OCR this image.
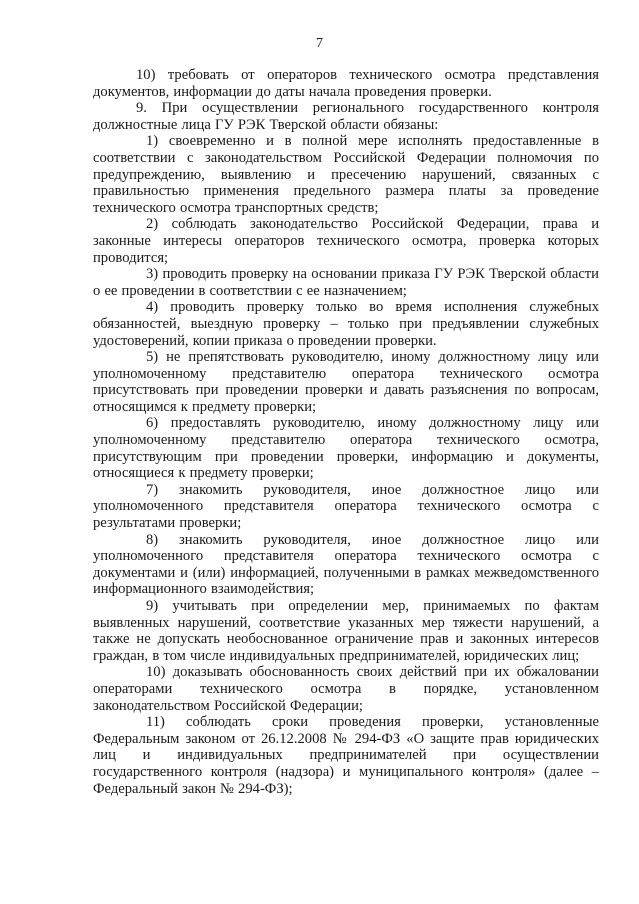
7

10) требовать от операторов технического осмотра представления документов, информации до даты начала проведения проверки.

9. При осуществлении регионального государственного контроля должностные лица ГУ РЭК Тверской области обязаны:

1) своевременно и в полной мере исполнять предоставленные в соответствии с законодательством Российской Федерации полномочия по предупреждению, выявлению и пресечению нарушений, связанных с правильностью применения предельного размера платы за проведение технического осмотра транспортных средств;

2) соблюдать законодательство Российской Федерации, права и законные интересы операторов технического осмотра, проверка которых проводится;

3) проводить проверку на основании приказа ГУ РЭК Тверской области о ее проведении в соответствии с ее назначением;

4) проводить проверку только во время исполнения служебных обязанностей, выездную проверку – только при предъявлении служебных удостоверений, копии приказа о проведении проверки.

5) не препятствовать руководителю, иному должностному лицу или уполномоченному представителю оператора технического осмотра присутствовать при проведении проверки и давать разъяснения по вопросам, относящимся к предмету проверки;

6) предоставлять руководителю, иному должностному лицу или уполномоченному представителю оператора технического осмотра, присутствующим при проведении проверки, информацию и документы, относящиеся к предмету проверки;

7) знакомить руководителя, иное должностное лицо или уполномоченного представителя оператора технического осмотра с результатами проверки;

8) знакомить руководителя, иное должностное лицо или уполномоченного представителя оператора технического осмотра с документами и (или) информацией, полученными в рамках межведомственного информационного взаимодействия;

9) учитывать при определении мер, принимаемых по фактам выявленных нарушений, соответствие указанных мер тяжести нарушений, а также не допускать необоснованное ограничение прав и законных интересов граждан, в том числе индивидуальных предпринимателей, юридических лиц;

10) доказывать обоснованность своих действий при их обжаловании операторами технического осмотра в порядке, установленном законодательством Российской Федерации;

11) соблюдать сроки проведения проверки, установленные Федеральным законом от 26.12.2008 № 294-ФЗ «О защите прав юридических лиц и индивидуальных предпринимателей при осуществлении государственного контроля (надзора) и муниципального контроля» (далее – Федеральный закон № 294-ФЗ);
